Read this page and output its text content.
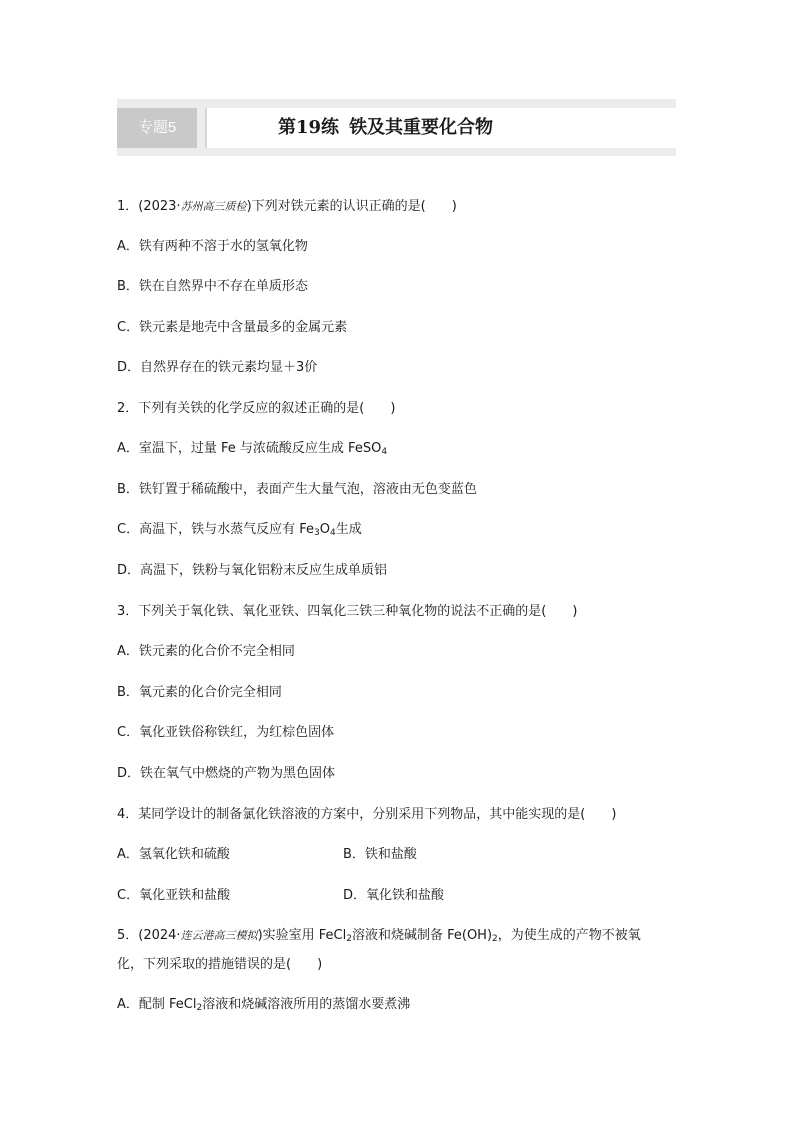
专题5	第19练 铁及其重要化合物
1．(2023·苏州高三质检)下列对铁元素的认识正确的是(　　)
A．铁有两种不溶于水的氢氧化物
B．铁在自然界中不存在单质形态
C．铁元素是地壳中含量最多的金属元素
D．自然界存在的铁元素均显＋3价
2．下列有关铁的化学反应的叙述正确的是(　　)
A．室温下，过量 Fe 与浓硫酸反应生成 FeSO$_4$
B．铁钉置于稀硫酸中，表面产生大量气泡，溶液由无色变蓝色
C．高温下，铁与水蒸气反应有 $Fe_3O_4$生成
D．高温下，铁粉与氧化铝粉末反应生成单质铝
3．下列关于氧化铁、氧化亚铁、四氧化三铁三种氧化物的说法不正确的是(　　)
A．铁元素的化合价不完全相同
B．氧元素的化合价完全相同
C．氧化亚铁俗称铁红，为红棕色固体
D．铁在氧气中燃烧的产物为黑色固体
4．某同学设计的制备氯化铁溶液的方案中，分别采用下列物品，其中能实现的是(　　)
A．氢氧化铁和硫酸	B．铁和盐酸
C．氧化亚铁和盐酸	D．氧化铁和盐酸
5．(2024·连云港高三模拟)实验室用 FeCl$_2$溶液和烧碱制备 $Fe(OH)_2$，为使生成的产物不被氧
化，下列采取的措施错误的是(　　)
A．配制 FeCl$_2$溶液和烧碱溶液所用的蒸馏水要煮沸
